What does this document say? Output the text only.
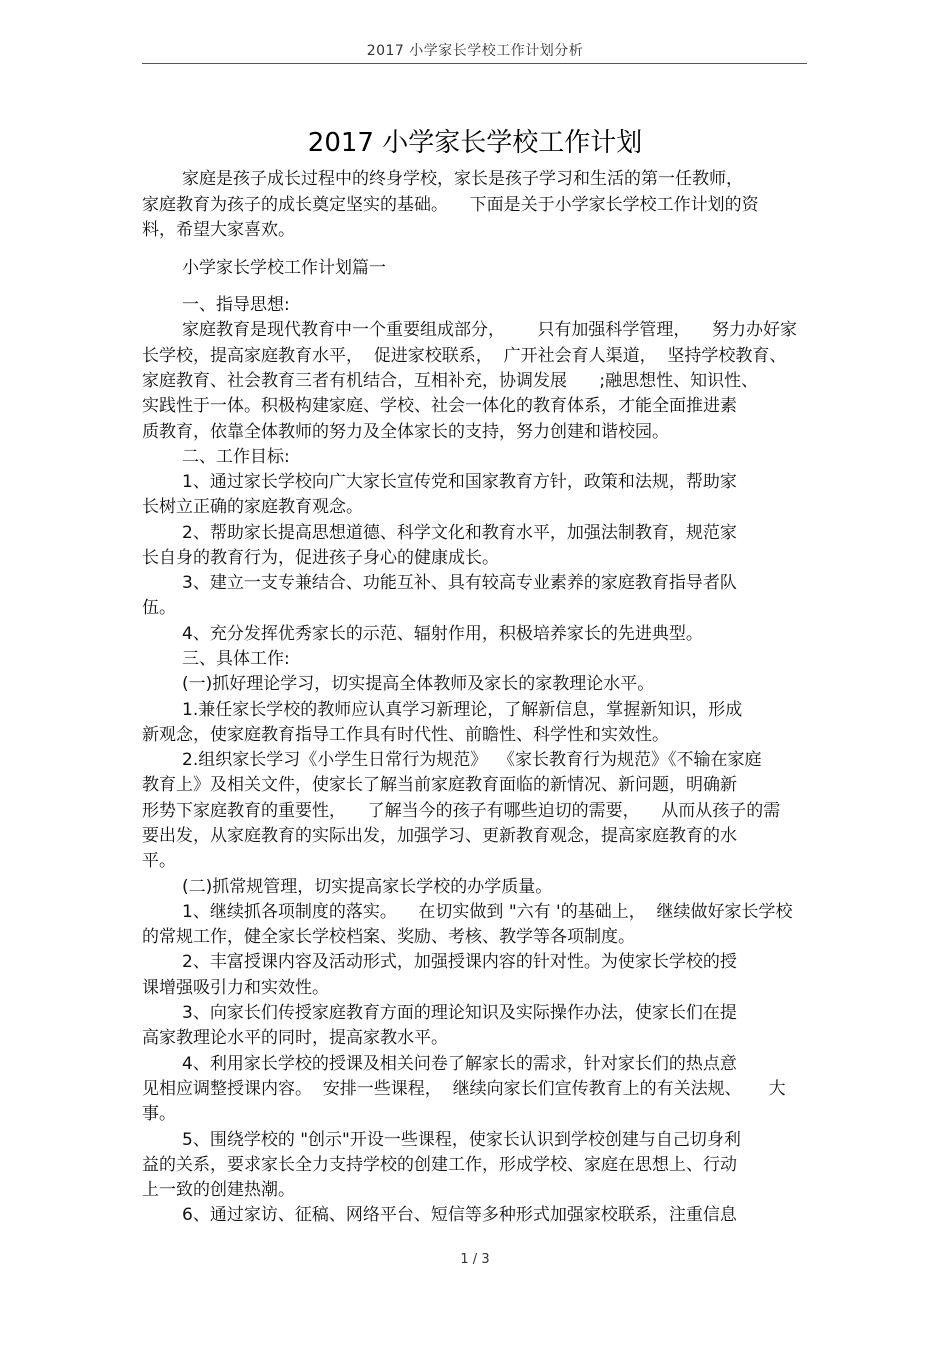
2017 小学家长学校工作计划分析
2017 小学家长学校工作计划
家庭是孩子成长过程中的终身学校，家长是孩子学习和生活的第一任教师，
家庭教育为孩子的成长奠定坚实的基础。    下面是关于小学家长学校工作计划的资
料，希望大家喜欢。
小学家长学校工作计划篇一
一、指导思想:
家庭教育是现代教育中一个重要组成部分，      只有加强科学管理，    努力办好家
长学校，提高家庭教育水平，  促进家校联系，  广开社会育人渠道，  坚持学校教育、
家庭教育、社会教育三者有机结合，互相补充，协调发展      ;融思想性、知识性、
实践性于一体。积极构建家庭、学校、社会一体化的教育体系，才能全面推进素
质教育，依靠全体教师的努力及全体家长的支持，努力创建和谐校园。
二、工作目标:
1、通过家长学校向广大家长宣传党和国家教育方针，政策和法规，帮助家
长树立正确的家庭教育观念。
2、帮助家长提高思想道德、科学文化和教育水平，加强法制教育，规范家
长自身的教育行为，促进孩子身心的健康成长。
3、建立一支专兼结合、功能互补、具有较高专业素养的家庭教育指导者队
伍。
4、充分发挥优秀家长的示范、辐射作用，积极培养家长的先进典型。
三、具体工作:
(一)抓好理论学习，切实提高全体教师及家长的家教理论水平。
1.兼任家长学校的教师应认真学习新理论，了解新信息，掌握新知识，形成
新观念，使家庭教育指导工作具有时代性、前瞻性、科学性和实效性。
2.组织家长学习《小学生日常行为规范》  《家长教育行为规范》《不输在家庭
教育上》及相关文件，使家长了解当前家庭教育面临的新情况、新问题，明确新
形势下家庭教育的重要性，    了解当今的孩子有哪些迫切的需要，    从而从孩子的需
要出发，从家庭教育的实际出发，加强学习、更新教育观念，提高家庭教育的水
平。
(二)抓常规管理，切实提高家长学校的办学质量。
1、继续抓各项制度的落实。    在切实做到 "六有 '的基础上，  继续做好家长学校
的常规工作，健全家长学校档案、奖励、考核、教学等各项制度。
2、丰富授课内容及活动形式，加强授课内容的针对性。为使家长学校的授
课增强吸引力和实效性。
3、向家长们传授家庭教育方面的理论知识及实际操作办法，使家长们在提
高家教理论水平的同时，提高家教水平。
4、利用家长学校的授课及相关问卷了解家长的需求，针对家长们的热点意
见相应调整授课内容。  安排一些课程，  继续向家长们宣传教育上的有关法规、     大
事。
5、围绕学校的 "创示"开设一些课程，使家长认识到学校创建与自己切身利
益的关系，要求家长全力支持学校的创建工作，形成学校、家庭在思想上、行动
上一致的创建热潮。
6、通过家访、征稿、网络平台、短信等多种形式加强家校联系，注重信息
1 / 3
